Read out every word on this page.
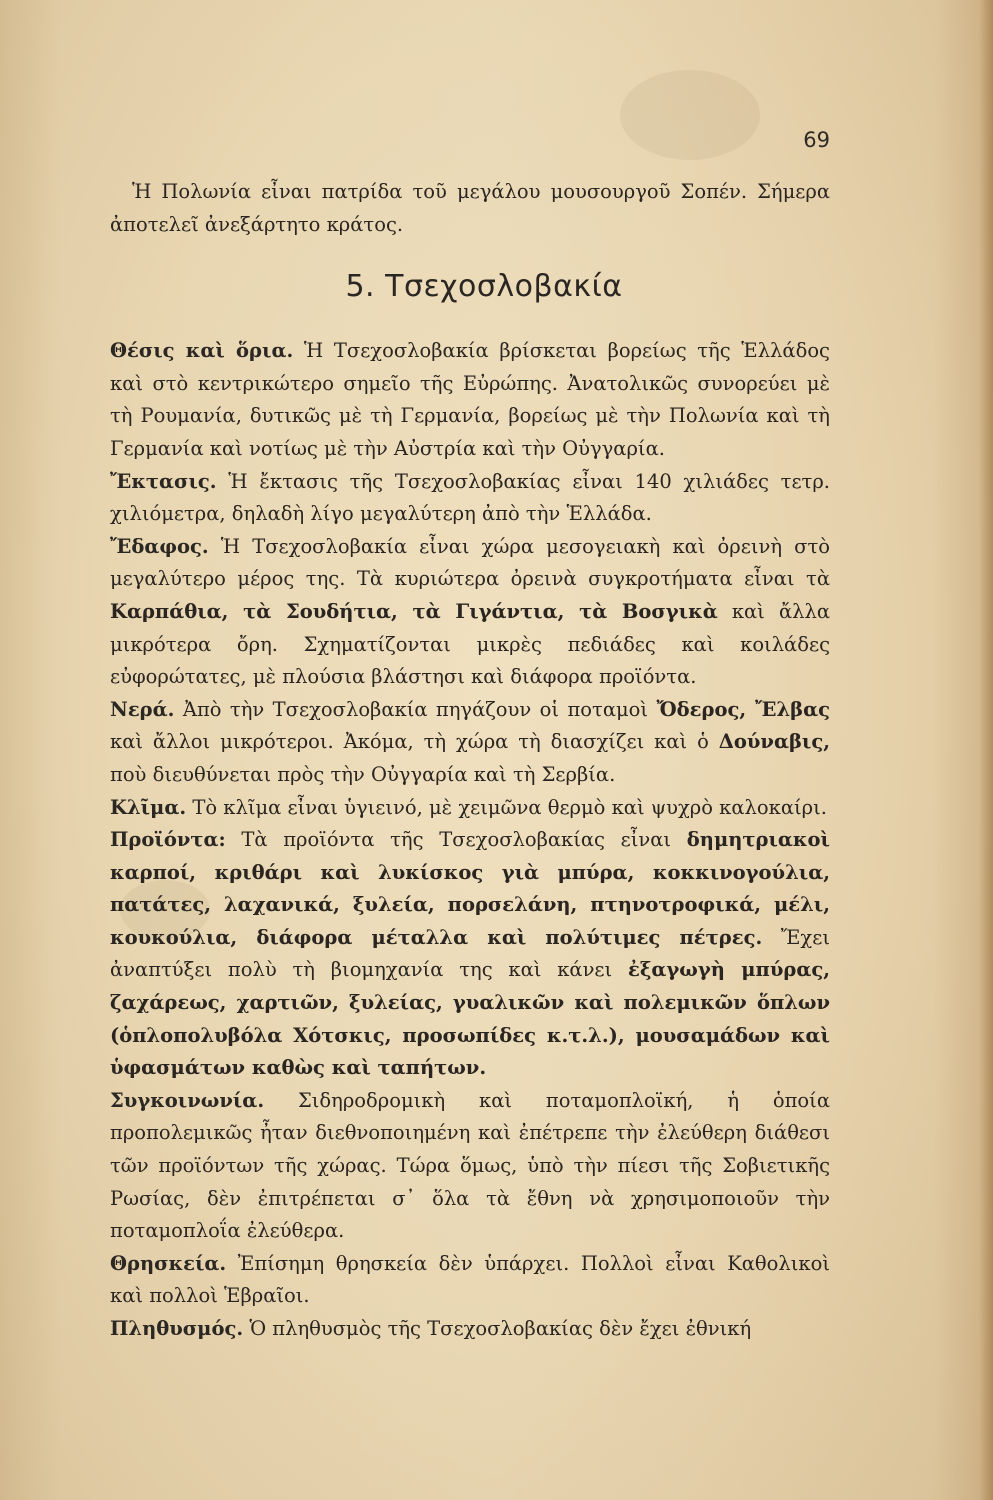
69

Ἡ Πολωνία εἶναι πατρίδα τοῦ μεγάλου μουσουργοῦ Σοπέν. Σήμερα ἀποτελεῖ ἀνεξάρτητο κράτος.

5. Τσεχοσλοβακία

Θέσις καὶ ὅρια. Ἡ Τσεχοσλοβακία βρίσκεται βορείως τῆς Ἑλλάδος καὶ στὸ κεντρικώτερο σημεῖο τῆς Εὐρώπης. Ἀνατολικῶς συνορεύει μὲ τὴ Ρουμανία, δυτικῶς μὲ τὴ Γερμανία, βορείως μὲ τὴν Πολωνία καὶ τὴ Γερμανία καὶ νοτίως μὲ τὴν Αὐστρία καὶ τὴν Οὐγγαρία.

Ἔκτασις. Ἡ ἔκτασις τῆς Τσεχοσλοβακίας εἶναι 140 χιλιάδες τετρ. χιλιόμετρα, δηλαδὴ λίγο μεγαλύτερη ἀπὸ τὴν Ἑλλάδα.

Ἔδαφος. Ἡ Τσεχοσλοβακία εἶναι χώρα μεσογειακὴ καὶ ὀρεινὴ στὸ μεγαλύτερο μέρος της. Τὰ κυριώτερα ὀρεινὰ συγκροτήματα εἶναι τὰ Καρπάθια, τὰ Σουδήτια, τὰ Γιγάντια, τὰ Βοσγικὰ καὶ ἄλλα μικρότερα ὄρη. Σχηματίζονται μικρὲς πεδιάδες καὶ κοιλάδες εὐφορώτατες, μὲ πλούσια βλάστησι καὶ διάφορα προϊόντα.

Νερά. Ἀπὸ τὴν Τσεχοσλοβακία πηγάζουν οἱ ποταμοὶ Ὄδερος, Ἔλβας καὶ ἄλλοι μικρότεροι. Ἀκόμα, τὴ χώρα τὴ διασχίζει καὶ ὁ Δούναβις, ποὺ διευθύνεται πρὸς τὴν Οὐγγαρία καὶ τὴ Σερβία.

Κλῖμα. Τὸ κλῖμα εἶναι ὑγιεινό, μὲ χειμῶνα θερμὸ καὶ ψυχρὸ καλοκαίρι.

Προϊόντα: Τὰ προϊόντα τῆς Τσεχοσλοβακίας εἶναι δημητριακοὶ καρποί, κριθάρι καὶ λυκίσκος γιὰ μπύρα, κοκκινογούλια, πατάτες, λαχανικά, ξυλεία, πορσελάνη, πτηνοτροφικά, μέλι, κουκούλια, διάφορα μέταλλα καὶ πολύτιμες πέτρες. Ἔχει ἀναπτύξει πολὺ τὴ βιομηχανία της καὶ κάνει ἐξαγωγὴ μπύρας, ζαχάρεως, χαρτιῶν, ξυλείας, γυαλικῶν καὶ πολεμικῶν ὅπλων (ὁπλοπολυβόλα Χότσκις, προσωπίδες κ.τ.λ.), μουσαμάδων καὶ ὑφασμάτων καθὼς καὶ ταπήτων.

Συγκοινωνία. Σιδηροδρομικὴ καὶ ποταμοπλοϊκή, ἡ ὁποία προπολεμικῶς ἦταν διεθνοποιημένη καὶ ἐπέτρεπε τὴν ἐλεύθερη διάθεσι τῶν προϊόντων τῆς χώρας. Τώρα ὅμως, ὑπὸ τὴν πίεσι τῆς Σοβιετικῆς Ρωσίας, δὲν ἐπιτρέπεται σ᾿ ὅλα τὰ ἔθνη νὰ χρησιμοποιοῦν τὴν ποταμοπλοΐα ἐλεύθερα.

Θρησκεία. Ἐπίσημη θρησκεία δὲν ὑπάρχει. Πολλοὶ εἶναι Καθολικοὶ καὶ πολλοὶ Ἑβραῖοι.

Πληθυσμός. Ὁ πληθυσμὸς τῆς Τσεχοσλοβακίας δὲν ἔχει ἐθνική
